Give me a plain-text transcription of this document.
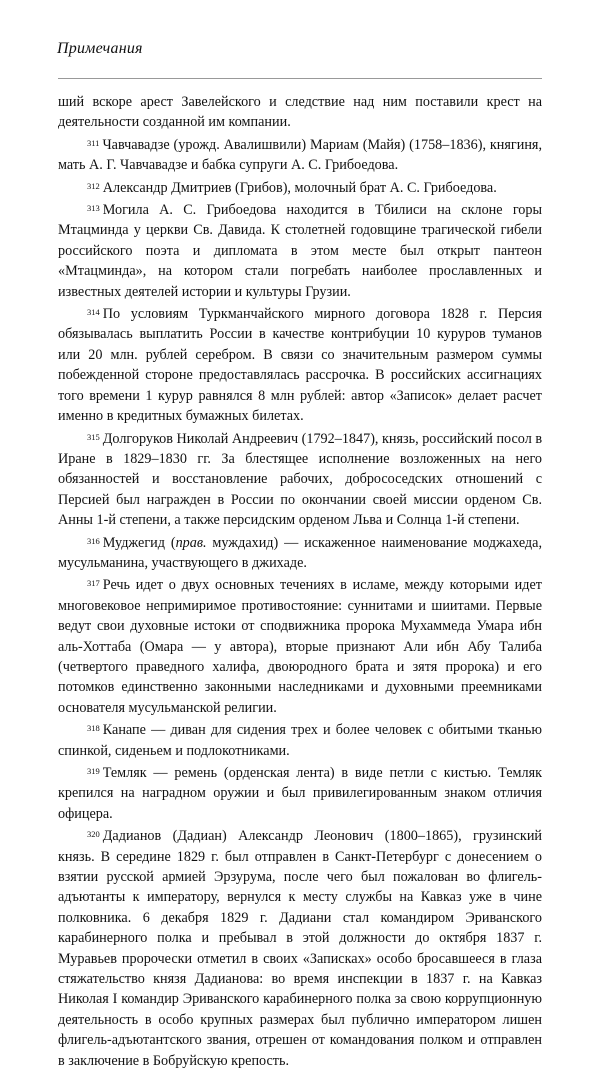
Примечания

ший вскоре арест Завелейского и следствие над ним поставили крест на деятельности созданной им компании.

$^{311}$ Чавчавадзе (урожд. Авалишвили) Мариам (Майя) (1758–1836), княгиня, мать А. Г. Чавчавадзе и бабка супруги А. С. Грибоедова.

$^{312}$ Александр Дмитриев (Грибов), молочный брат А. С. Грибоедова.

$^{313}$ Могила А. С. Грибоедова находится в Тбилиси на склоне горы Мтацминда у церкви Св. Давида. К столетней годовщине трагической гибели российского поэта и дипломата в этом месте был открыт пантеон «Мтацминда», на котором стали погребать наиболее прославленных и известных деятелей истории и культуры Грузии.

$^{314}$ По условиям Туркманчайского мирного договора 1828 г. Персия обязывалась выплатить России в качестве контрибуции 10 куруров туманов или 20 млн. рублей серебром. В связи со значительным размером суммы побежденной стороне предоставлялась рассрочка. В российских ассигнациях того времени 1 курур равнялся 8 млн рублей: автор «Записок» делает расчет именно в кредитных бумажных билетах.

$^{315}$ Долгоруков Николай Андреевич (1792–1847), князь, российский посол в Иране в 1829–1830 гг. За блестящее исполнение возложенных на него обязанностей и восстановление рабочих, добрососедских отношений с Персией был награжден в России по окончании своей миссии орденом Св. Анны 1-й степени, а также персидским орденом Льва и Солнца 1-й степени.

$^{316}$ Муджегид (прав. муждахид) — искаженное наименование моджахеда, мусульманина, участвующего в джихаде.

$^{317}$ Речь идет о двух основных течениях в исламе, между которыми идет многовековое непримиримое противостояние: суннитами и шиитами. Первые ведут свои духовные истоки от сподвижника пророка Мухаммеда Умара ибн аль-Хоттаба (Омара — у автора), вторые признают Али ибн Абу Талиба (четвертого праведного халифа, двоюродного брата и зятя пророка) и его потомков единственно законными наследниками и духовными преемниками основателя мусульманской религии.

$^{318}$ Канапе — диван для сидения трех и более человек с обитыми тканью спинкой, сиденьем и подлокотниками.

$^{319}$ Темляк — ремень (орденская лента) в виде петли с кистью. Темляк крепился на наградном оружии и был привилегированным знаком отличия офицера.

$^{320}$ Дадианов (Дадиан) Александр Леонович (1800–1865), грузинский князь. В середине 1829 г. был отправлен в Санкт-Петербург с донесением о взятии русской армией Эрзурума, после чего был пожалован во флигель-адъютанты к императору, вернулся к месту службы на Кавказ уже в чине полковника. 6 декабря 1829 г. Дадиани стал командиром Эриванского карабинерного полка и пребывал в этой должности до октября 1837 г. Муравьев пророчески отметил в своих «Записках» особо бросавшееся в глаза стяжательство князя Дадианова: во время инспекции в 1837 г. на Кавказ Николая I командир Эриванского карабинерного полка за свою коррупционную деятельность в особо крупных размерах был публично императором лишен флигель-адъютантского звания, отрешен от командования полком и отправлен в заключение в Бобруйскую крепость.
